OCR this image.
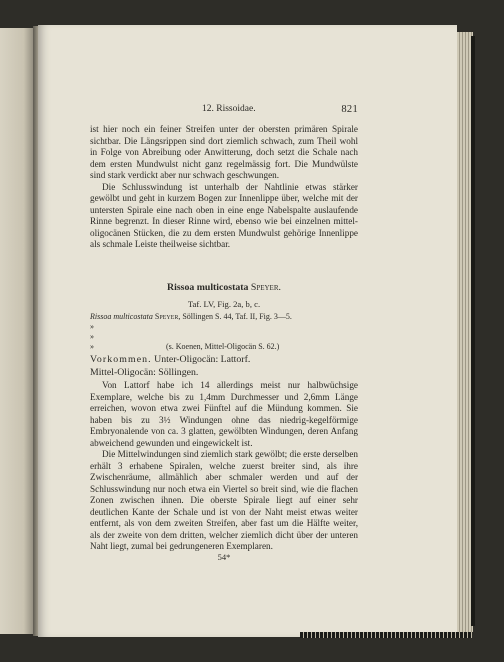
12. Rissoidae.	821

ist hier noch ein feiner Streifen unter der obersten primären Spirale sichtbar. Die Längsrippen sind dort ziemlich schwach, zum Theil wohl in Folge von Abreibung oder Anwitterung, doch setzt die Schale nach dem ersten Mundwulst nicht ganz regelmässig fort. Die Mundwülste sind stark verdickt aber nur schwach geschwungen.

Die Schlusswindung ist unterhalb der Nahtlinie etwas stärker gewölbt und geht in kurzem Bogen zur Innenlippe über, welche mit der untersten Spirale eine nach oben in eine enge Nabelspalte auslaufende Rinne begrenzt. In dieser Rinne wird, ebenso wie bei einzelnen mittel-oligocänen Stücken, die zu dem ersten Mundwulst gehörige Innenlippe als schmale Leiste theilweise sichtbar.

Rissoa multicostata Speyer.
Taf. LV, Fig. 2a, b, c.
Rissoa multicostata Speyer, Söllingen S. 44, Taf. II, Fig. 3—5.
» » »	(s. Koenen, Mittel-Oligocän S. 62.)
Vorkommen. Unter-Oligocän: Lattorf.
Mittel-Oligocän: Söllingen.

Von Lattorf habe ich 14 allerdings meist nur halbwüchsige Exemplare, welche bis zu 1,4mm Durchmesser und 2,6mm Länge erreichen, wovon etwa zwei Fünftel auf die Mündung kommen. Sie haben bis zu 3½ Windungen ohne das niedrig-kegelförmige Embryonalende von ca. 3 glatten, gewölbten Windungen, deren Anfang abweichend gewunden und eingewickelt ist.

Die Mittelwindungen sind ziemlich stark gewölbt; die erste derselben erhält 3 erhabene Spiralen, welche zuerst breiter sind, als ihre Zwischenräume, allmählich aber schmaler werden und auf der Schlusswindung nur noch etwa ein Viertel so breit sind, wie die flachen Zonen zwischen ihnen. Die oberste Spirale liegt auf einer sehr deutlichen Kante der Schale und ist von der Naht meist etwas weiter entfernt, als von dem zweiten Streifen, aber fast um die Hälfte weiter, als der zweite von dem dritten, welcher ziemlich dicht über der unteren Naht liegt, zumal bei gedrungeneren Exemplaren.

54*
